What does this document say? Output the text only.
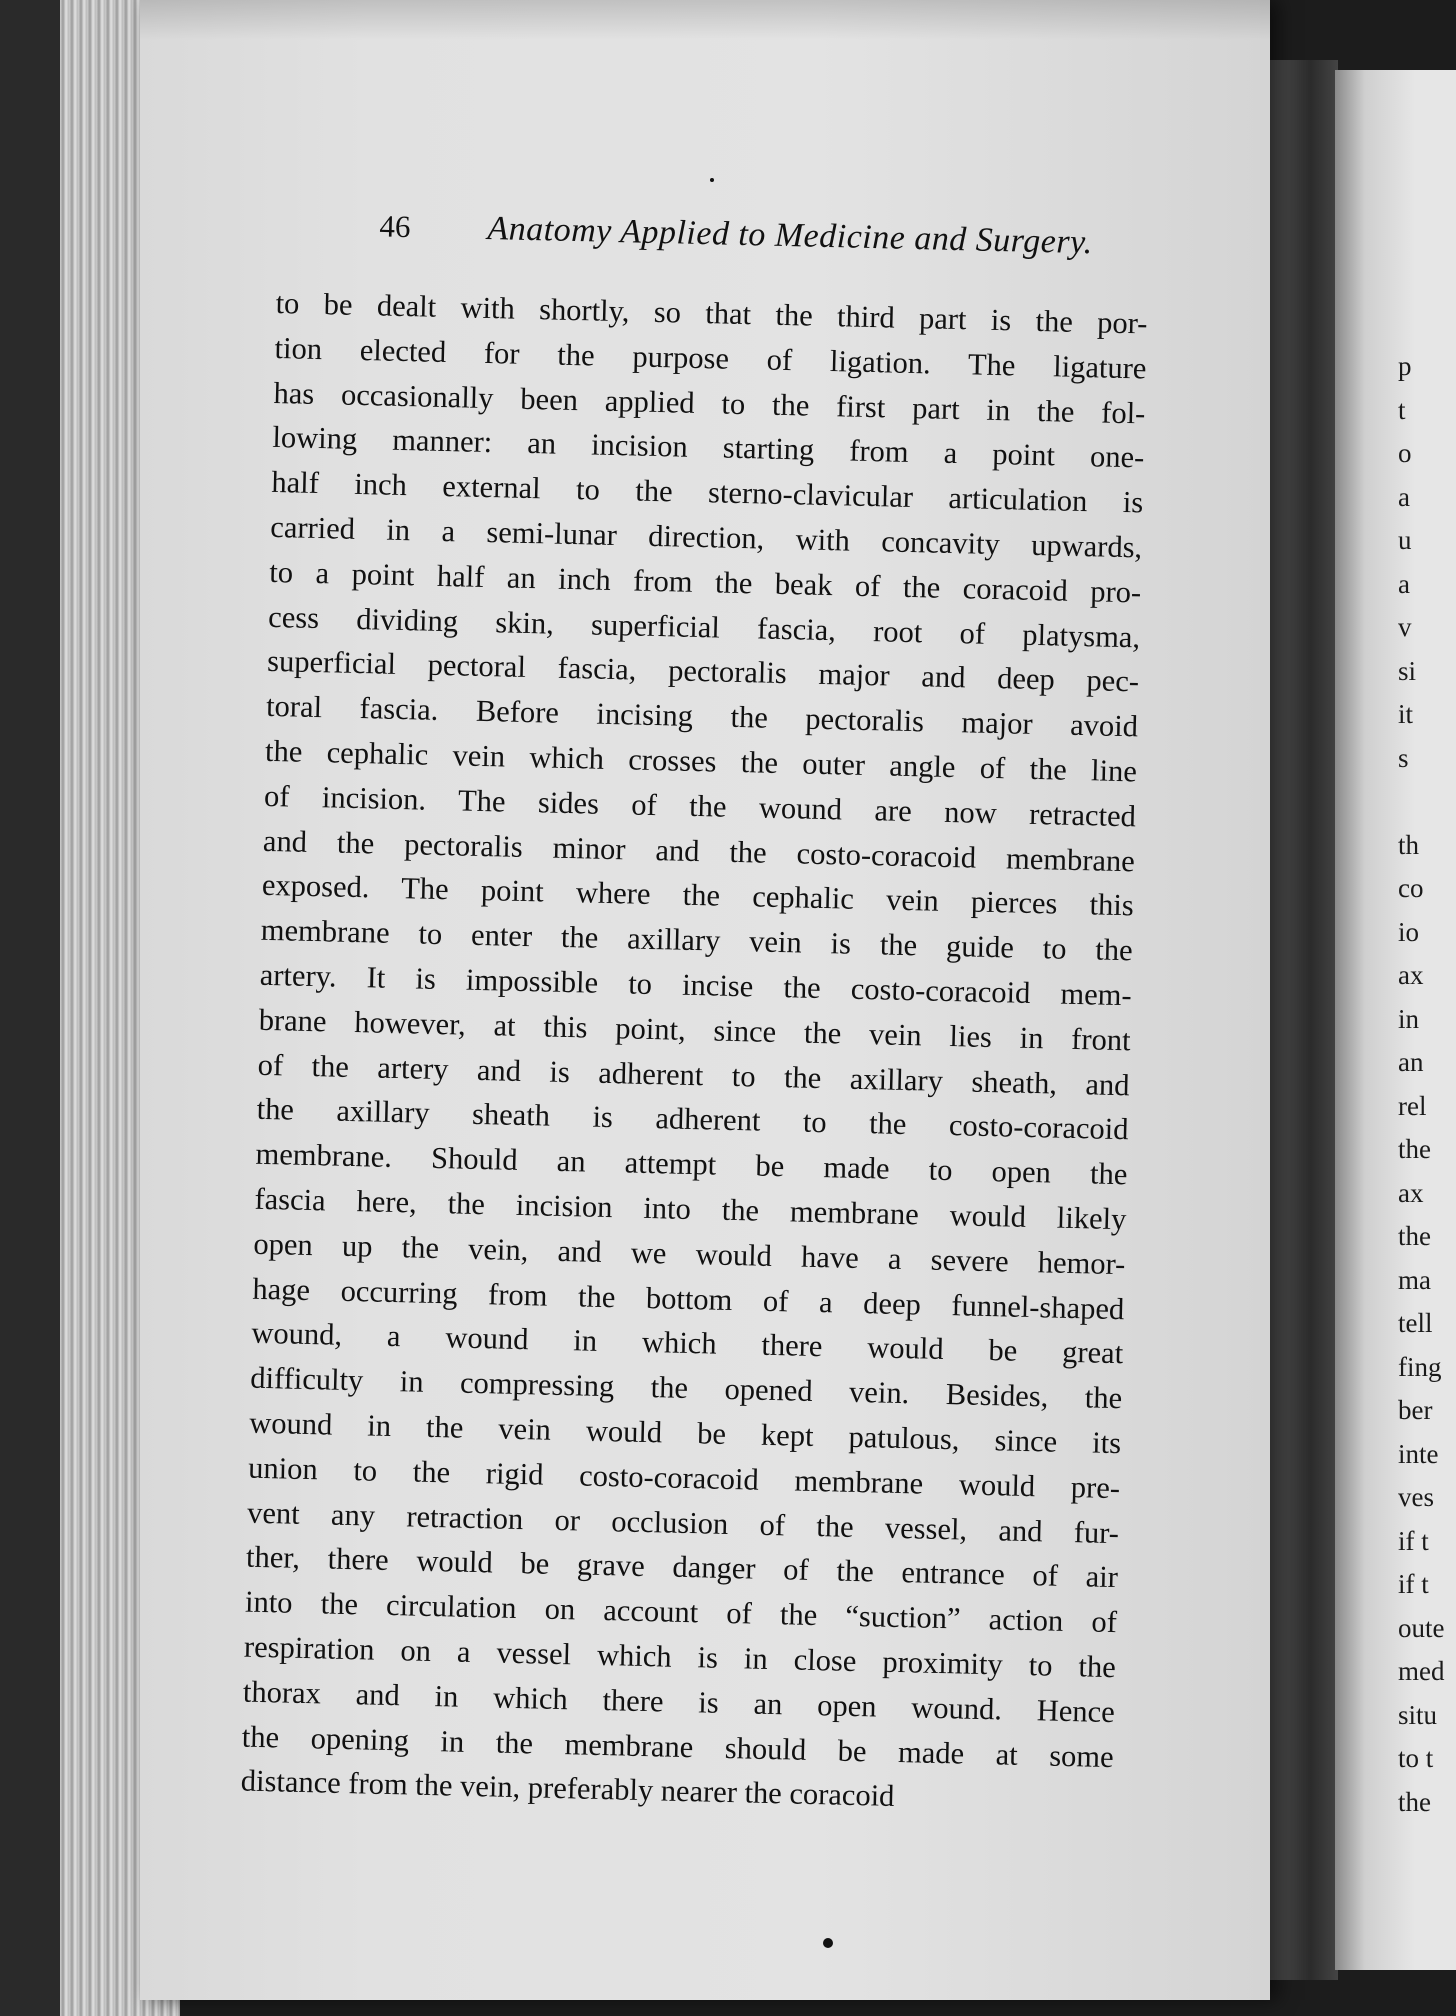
p
t
o
a
u
a
v
si
it
s
th
co
io
ax
in
an
rel
the
ax
the
ma
tell
fing
ber
inte
ves
if t
if t
oute
med
situ
to t
the
46	Anatomy Applied to Medicine and Surgery.
to be dealt with shortly, so that the third part is the por-
tion elected for the purpose of ligation. The ligature
has occasionally been applied to the first part in the fol-
lowing manner: an incision starting from a point one-
half inch external to the sterno-clavicular articulation is
carried in a semi-lunar direction, with concavity upwards,
to a point half an inch from the beak of the coracoid pro-
cess dividing skin, superficial fascia, root of platysma,
superficial pectoral fascia, pectoralis major and deep pec-
toral fascia. Before incising the pectoralis major avoid
the cephalic vein which crosses the outer angle of the line
of incision. The sides of the wound are now retracted
and the pectoralis minor and the costo-coracoid membrane
exposed. The point where the cephalic vein pierces this
membrane to enter the axillary vein is the guide to the
artery. It is impossible to incise the costo-coracoid mem-
brane however, at this point, since the vein lies in front
of the artery and is adherent to the axillary sheath, and
the axillary sheath is adherent to the costo-coracoid
membrane. Should an attempt be made to open the
fascia here, the incision into the membrane would likely
open up the vein, and we would have a severe hemor-
hage occurring from the bottom of a deep funnel-shaped
wound, a wound in which there would be great
difficulty in compressing the opened vein. Besides, the
wound in the vein would be kept patulous, since its
union to the rigid costo-coracoid membrane would pre-
vent any retraction or occlusion of the vessel, and fur-
ther, there would be grave danger of the entrance of air
into the circulation on account of the “suction” action of
respiration on a vessel which is in close proximity to the
thorax and in which there is an open wound. Hence
the opening in the membrane should be made at some
distance from the vein, preferably nearer the coracoid
